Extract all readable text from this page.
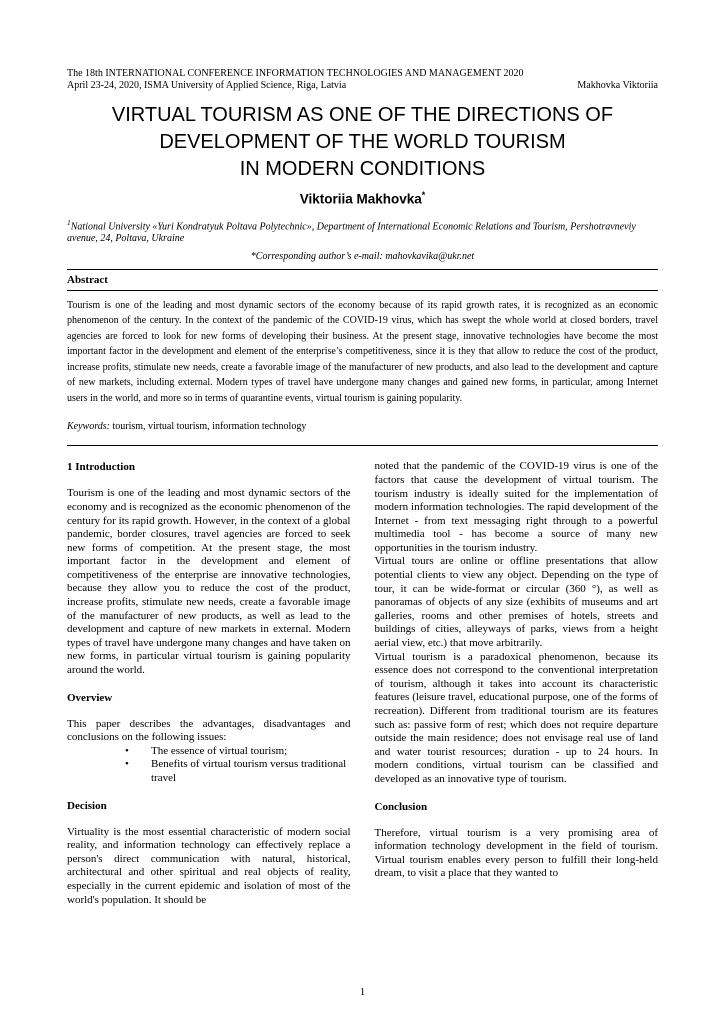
The 18th INTERNATIONAL CONFERENCE INFORMATION TECHNOLOGIES AND MANAGEMENT 2020
April 23-24, 2020, ISMA University of Applied Science, Riga, Latvia	Makhovka Viktoriia
VIRTUAL TOURISM AS ONE OF THE DIRECTIONS OF
DEVELOPMENT OF THE WORLD TOURISM
IN MODERN CONDITIONS
Viktoriia Makhovka*

$^1$National University «Yuri Kondratyuk Poltava Polytechnic», Department of International Economic Relations and Tourism, Pershotravneviy avenue, 24, Poltava, Ukraine

*Corresponding author’s e-mail: mahovkavika@ukr.net

Abstract

Tourism is one of the leading and most dynamic sectors of the economy because of its rapid growth rates, it is recognized as an economic phenomenon of the century. In the context of the pandemic of the COVID-19 virus, which has swept the whole world at closed borders, travel agencies are forced to look for new forms of developing their business. At the present stage, innovative technologies have become the most important factor in the development and element of the enterprise’s competitiveness, since it is they that allow to reduce the cost of the product, increase profits, stimulate new needs, create a favorable image of the manufacturer of new products, and also lead to the development and capture of new markets, including external. Modern types of travel have undergone many changes and gained new forms, in particular, among Internet users in the world, and more so in terms of quarantine events, virtual tourism is gaining popularity.

Keywords: tourism, virtual tourism, information technology

1 Introduction

Tourism is one of the leading and most dynamic sectors of the economy and is recognized as the economic phenomenon of the century for its rapid growth. However, in the context of a global pandemic, border closures, travel agencies are forced to seek new forms of competition. At the present stage, the most important factor in the development and element of competitiveness of the enterprise are innovative technologies, because they allow you to reduce the cost of the product, increase profits, stimulate new needs, create a favorable image of the manufacturer of new products, as well as lead to the development and capture of new markets in external. Modern types of travel have undergone many changes and have taken on new forms, in particular virtual tourism is gaining popularity around the world.

Overview

This paper describes the advantages, disadvantages and conclusions on the following issues:

• The essence of virtual tourism;
• Benefits of virtual tourism versus traditional travel
Decision

Virtuality is the most essential characteristic of modern social reality, and information technology can effectively replace a person's direct communication with natural, historical, architectural and other spiritual and real objects of reality, especially in the current epidemic and isolation of most of the world's population. It should be

noted that the pandemic of the COVID-19 virus is one of the factors that cause the development of virtual tourism. The tourism industry is ideally suited for the implementation of modern information technologies. The rapid development of the Internet - from text messaging right through to a powerful multimedia tool - has become a source of many new opportunities in the tourism industry.

Virtual tours are online or offline presentations that allow potential clients to view any object. Depending on the type of tour, it can be wide-format or circular (360 °), as well as panoramas of objects of any size (exhibits of museums and art galleries, rooms and other premises of hotels, streets and buildings of cities, alleyways of parks, views from a height aerial view, etc.) that move arbitrarily.

Virtual tourism is a paradoxical phenomenon, because its essence does not correspond to the conventional interpretation of tourism, although it takes into account its characteristic features (leisure travel, educational purpose, one of the forms of recreation). Different from traditional tourism are its features such as: passive form of rest; which does not require departure outside the main residence; does not envisage real use of land and water tourist resources; duration - up to 24 hours. In modern conditions, virtual tourism can be classified and developed as an innovative type of tourism.

Conclusion

Therefore, virtual tourism is a very promising area of information technology development in the field of tourism. Virtual tourism enables every person to fulfill their long-held dream, to visit a place that they wanted to

1
